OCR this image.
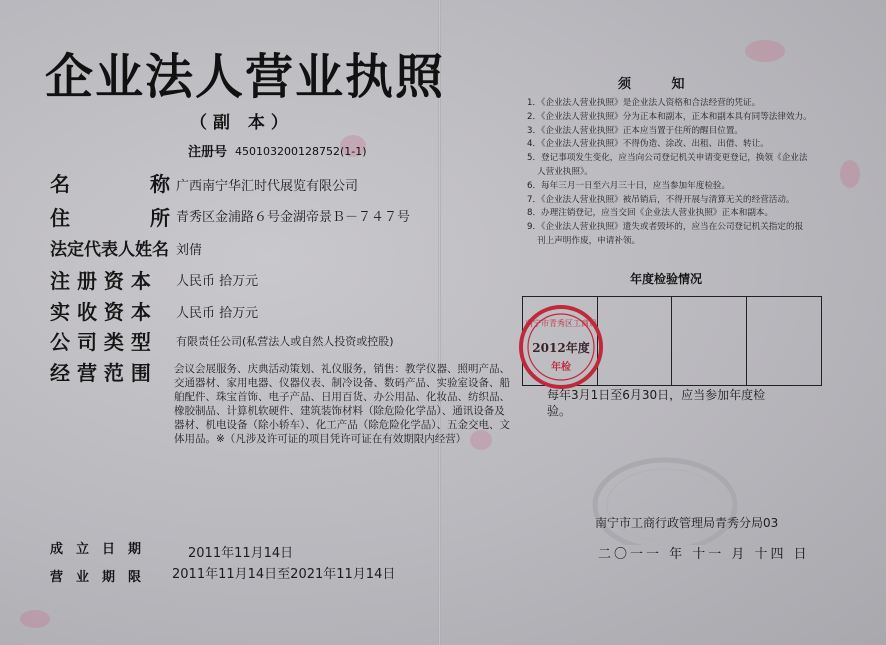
企业法人营业执照
（副 本）
注册号 450103200128752(1-1)
名　　　　称 广西南宁华汇时代展览有限公司
住　　　　所 青秀区金浦路６号金湖帝景Ｂ－７４７号
法定代表人姓名 刘倩
注 册 资 本 人民币 拾万元
实 收 资 本 人民币 拾万元
公 司 类 型 有限责任公司(私营法人或自然人投资或控股)
经 营 范 围 会议会展服务、庆典活动策划、礼仪服务，销售：教学仪器、照明产品、交通器材、家用电器、仪器仪表、制冷设备、数码产品、实验室设备、船舶配件、珠宝首饰、电子产品、日用百货、办公用品、化妆品、纺织品、橡胶制品、计算机软硬件、建筑装饰材料（除危险化学品）、通讯设备及器材、机电设备（除小轿车）、化工产品（除危险化学品）、五金交电、文体用品。※（凡涉及许可证的项目凭许可证在有效期限内经营）
成　立　日　期	2011年11月14日
营　业　期　限 2011年11月14日至2021年11月14日
须 知
1．《企业法人营业执照》是企业法人资格和合法经营的凭证。
2．《企业法人营业执照》分为正本和副本，正本和副本具有同等法律效力。
3．《企业法人营业执照》正本应当置于住所的醒目位置。
4．《企业法人营业执照》不得伪造、涂改、出租、出借、转让。
5．登记事项发生变化，应当向公司登记机关申请变更登记，换领《企业法
人营业执照》。
6．每年三月一日至六月三十日，应当参加年度检验。
7．《企业法人营业执照》被吊销后，不得开展与清算无关的经营活动。
8．办理注销登记，应当交回《企业法人营业执照》正本和副本。
9．《企业法人营业执照》遗失或者毁坏的，应当在公司登记机关指定的报
刊上声明作废，申请补领。
年度检验情况
每年3月1日至6月30日，应当参加年度检验。
南宁市青秀区工商局
2012年度
年检
南宁市工商行政管理局青秀分局03
二〇一一 年 十一 月 十四 日
